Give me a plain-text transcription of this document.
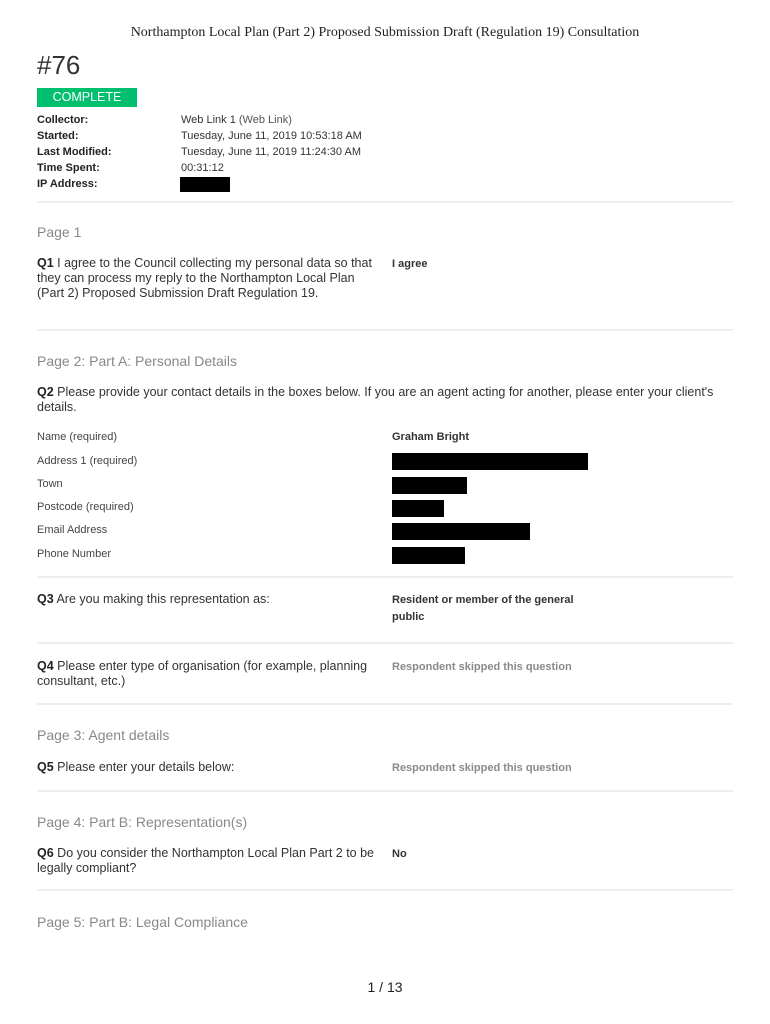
Northampton Local Plan (Part 2) Proposed Submission Draft (Regulation 19) Consultation
#76
COMPLETE
Collector:	Web Link 1 (Web Link)
Started:	Tuesday, June 11, 2019 10:53:18 AM
Last Modified:	Tuesday, June 11, 2019 11:24:30 AM
Time Spent:	00:31:12
IP Address:
Page 1
Q1 I agree to the Council collecting my personal data so that they can process my reply to the Northampton Local Plan (Part 2) Proposed Submission Draft Regulation 19.
I agree
Page 2: Part A: Personal Details
Q2 Please provide your contact details in the boxes below. If you are an agent acting for another, please enter your client's details.
Name (required)	Graham Bright
Address 1 (required)
Town
Postcode (required)
Email Address
Phone Number
Q3 Are you making this representation as:	Resident or member of the general public
Q4 Please enter type of organisation (for example, planning consultant, etc.)
Respondent skipped this question
Page 3: Agent details
Q5 Please enter your details below:	Respondent skipped this question
Page 4: Part B: Representation(s)
Q6 Do you consider the Northampton Local Plan Part 2 to be legally compliant?
No
Page 5: Part B: Legal Compliance
1 / 13
